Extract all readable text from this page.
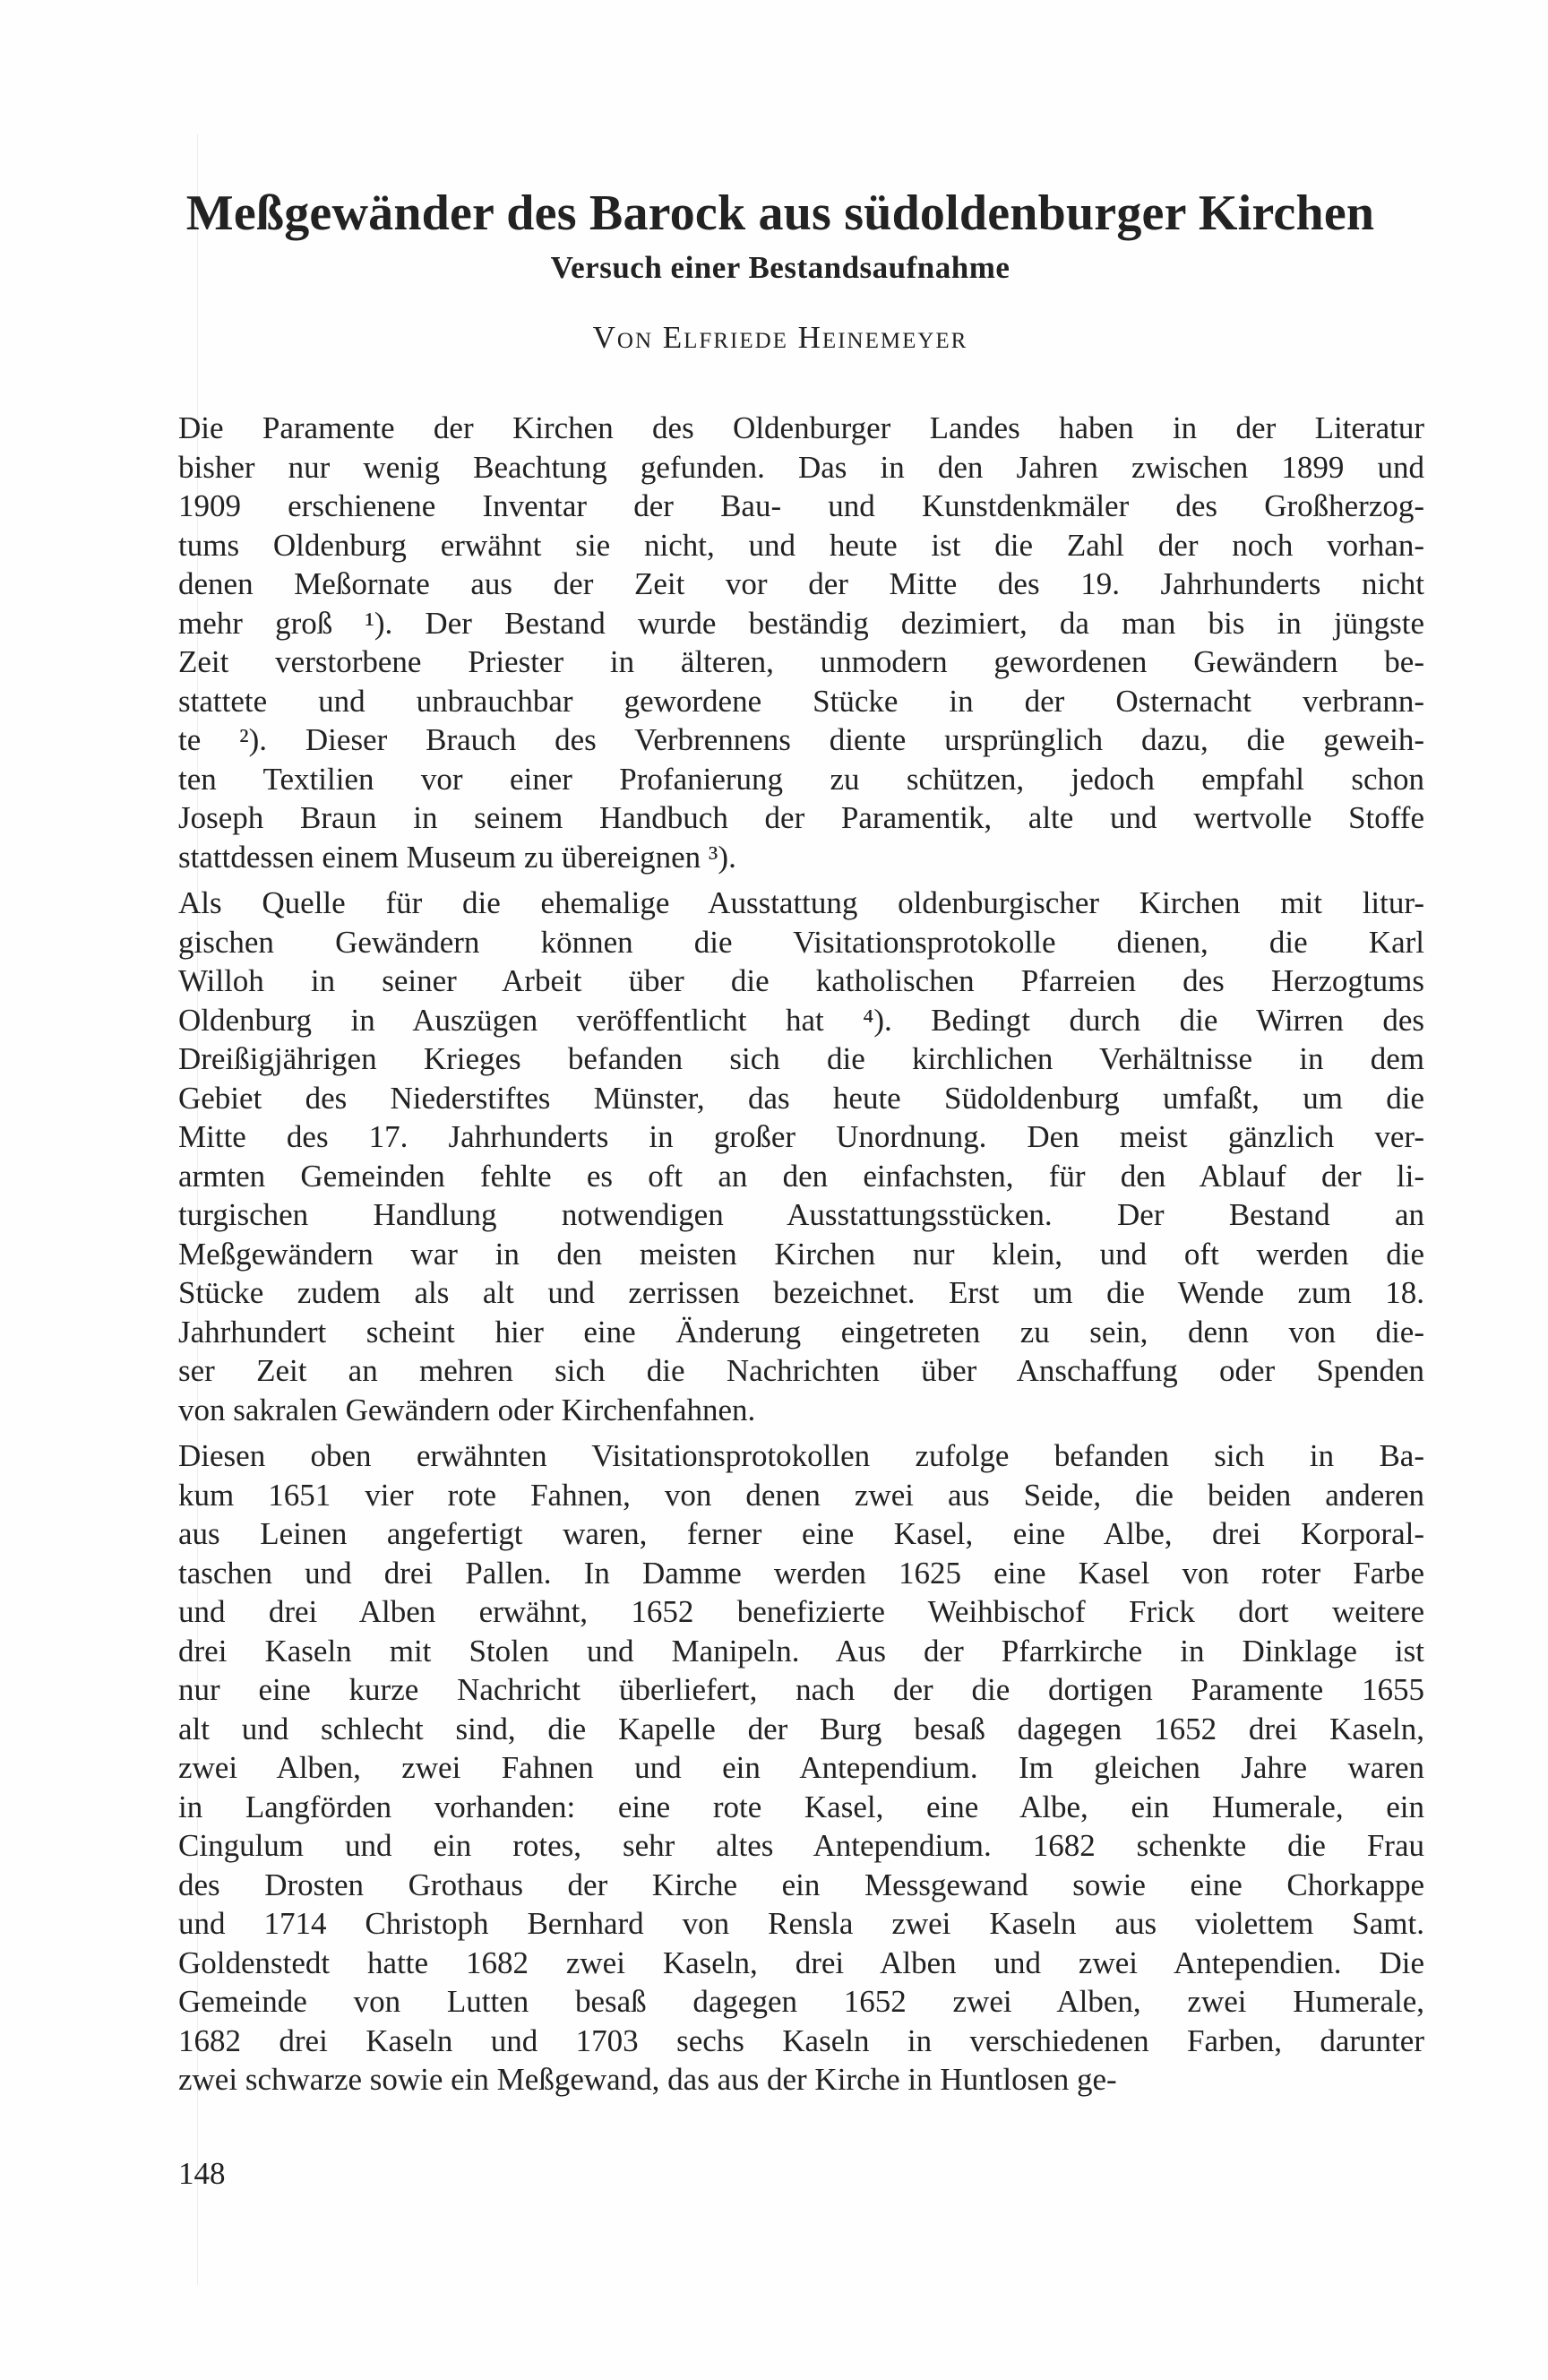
Meßgewänder des Barock aus südoldenburger Kirchen
Versuch einer Bestandsaufnahme

Von Elfriede Heinemeyer

Die Paramente der Kirchen des Oldenburger Landes haben in der Literatur
bisher nur wenig Beachtung gefunden. Das in den Jahren zwischen 1899 und
1909 erschienene Inventar der Bau- und Kunstdenkmäler des Großherzog-
tums Oldenburg erwähnt sie nicht, und heute ist die Zahl der noch vorhan-
denen Meßornate aus der Zeit vor der Mitte des 19. Jahrhunderts nicht
mehr groß ¹). Der Bestand wurde beständig dezimiert, da man bis in jüngste
Zeit verstorbene Priester in älteren, unmodern gewordenen Gewändern be-
stattete und unbrauchbar gewordene Stücke in der Osternacht verbrann-
te ²). Dieser Brauch des Verbrennens diente ursprünglich dazu, die geweih-
ten Textilien vor einer Profanierung zu schützen, jedoch empfahl schon
Joseph Braun in seinem Handbuch der Paramentik, alte und wertvolle Stoffe
stattdessen einem Museum zu übereignen ³).
Als Quelle für die ehemalige Ausstattung oldenburgischer Kirchen mit litur-
gischen Gewändern können die Visitationsprotokolle dienen, die Karl
Willoh in seiner Arbeit über die katholischen Pfarreien des Herzogtums
Oldenburg in Auszügen veröffentlicht hat ⁴). Bedingt durch die Wirren des
Dreißigjährigen Krieges befanden sich die kirchlichen Verhältnisse in dem
Gebiet des Niederstiftes Münster, das heute Südoldenburg umfaßt, um die
Mitte des 17. Jahrhunderts in großer Unordnung. Den meist gänzlich ver-
armten Gemeinden fehlte es oft an den einfachsten, für den Ablauf der li-
turgischen Handlung notwendigen Ausstattungsstücken. Der Bestand an
Meßgewändern war in den meisten Kirchen nur klein, und oft werden die
Stücke zudem als alt und zerrissen bezeichnet. Erst um die Wende zum 18.
Jahrhundert scheint hier eine Änderung eingetreten zu sein, denn von die-
ser Zeit an mehren sich die Nachrichten über Anschaffung oder Spenden
von sakralen Gewändern oder Kirchenfahnen.
Diesen oben erwähnten Visitationsprotokollen zufolge befanden sich in Ba-
kum 1651 vier rote Fahnen, von denen zwei aus Seide, die beiden anderen
aus Leinen angefertigt waren, ferner eine Kasel, eine Albe, drei Korporal-
taschen und drei Pallen. In Damme werden 1625 eine Kasel von roter Farbe
und drei Alben erwähnt, 1652 benefizierte Weihbischof Frick dort weitere
drei Kaseln mit Stolen und Manipeln. Aus der Pfarrkirche in Dinklage ist
nur eine kurze Nachricht überliefert, nach der die dortigen Paramente 1655
alt und schlecht sind, die Kapelle der Burg besaß dagegen 1652 drei Kaseln,
zwei Alben, zwei Fahnen und ein Antependium. Im gleichen Jahre waren
in Langförden vorhanden: eine rote Kasel, eine Albe, ein Humerale, ein
Cingulum und ein rotes, sehr altes Antependium. 1682 schenkte die Frau
des Drosten Grothaus der Kirche ein Messgewand sowie eine Chorkappe
und 1714 Christoph Bernhard von Rensla zwei Kaseln aus violettem Samt.
Goldenstedt hatte 1682 zwei Kaseln, drei Alben und zwei Antependien. Die
Gemeinde von Lutten besaß dagegen 1652 zwei Alben, zwei Humerale,
1682 drei Kaseln und 1703 sechs Kaseln in verschiedenen Farben, darunter
zwei schwarze sowie ein Meßgewand, das aus der Kirche in Huntlosen ge-

148
